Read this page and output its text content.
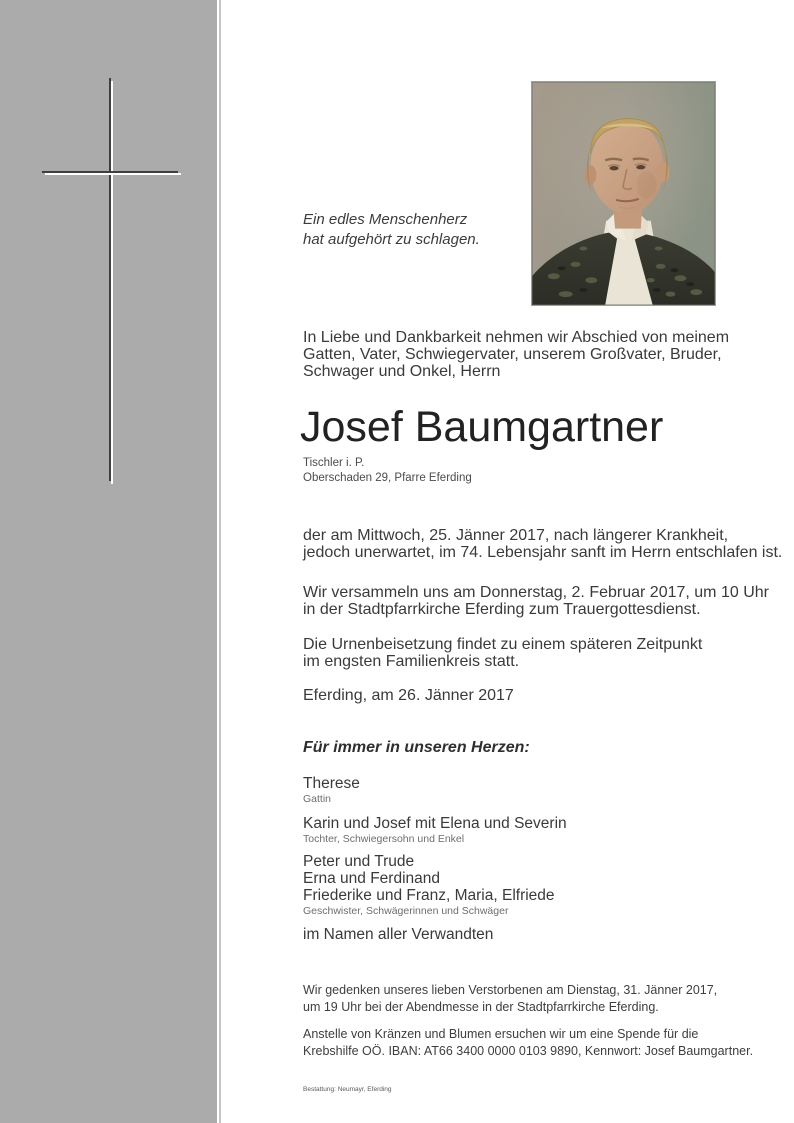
Ein edles Menschenherz
hat aufgehört zu schlagen.
In Liebe und Dankbarkeit nehmen wir Abschied von meinem
Gatten, Vater, Schwiegervater, unserem Großvater, Bruder,
Schwager und Onkel, Herrn
Josef Baumgartner
Tischler i. P.
Oberschaden 29, Pfarre Eferding
der am Mittwoch, 25. Jänner 2017, nach längerer Krankheit,
jedoch unerwartet, im 74. Lebensjahr sanft im Herrn entschlafen ist.
Wir versammeln uns am Donnerstag, 2. Februar 2017, um 10 Uhr
in der Stadtpfarrkirche Eferding zum Trauergottesdienst.
Die Urnenbeisetzung findet zu einem späteren Zeitpunkt
im engsten Familienkreis statt.
Eferding, am 26. Jänner 2017
Für immer in unseren Herzen:
Therese
Gattin
Karin und Josef mit Elena und Severin
Tochter, Schwiegersohn und Enkel
Peter und Trude
Erna und Ferdinand
Friederike und Franz, Maria, Elfriede
Geschwister, Schwägerinnen und Schwäger
im Namen aller Verwandten
Wir gedenken unseres lieben Verstorbenen am Dienstag, 31. Jänner 2017,
um 19 Uhr bei der Abendmesse in der Stadtpfarrkirche Eferding.
Anstelle von Kränzen und Blumen ersuchen wir um eine Spende für die
Krebshilfe OÖ. IBAN: AT66 3400 0000 0103 9890, Kennwort: Josef Baumgartner.
Bestattung: Neumayr, Eferding
